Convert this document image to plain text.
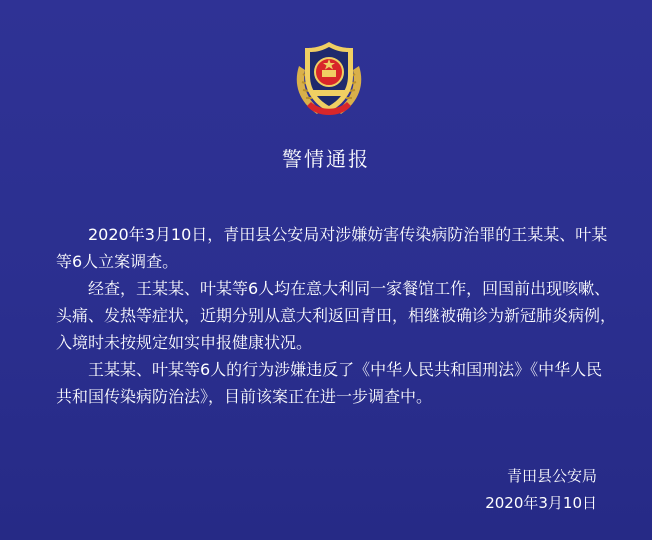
警情通报

2020年3月10日，青田县公安局对涉嫌妨害传染病防治罪的王某某、叶某等6人立案调查。

经查，王某某、叶某等6人均在意大利同一家餐馆工作，回国前出现咳嗽、头痛、发热等症状，近期分别从意大利返回青田，相继被确诊为新冠肺炎病例，入境时未按规定如实申报健康状况。

王某某、叶某等6人的行为涉嫌违反了《中华人民共和国刑法》《中华人民共和国传染病防治法》，目前该案正在进一步调查中。

青田县公安局
2020年3月10日
